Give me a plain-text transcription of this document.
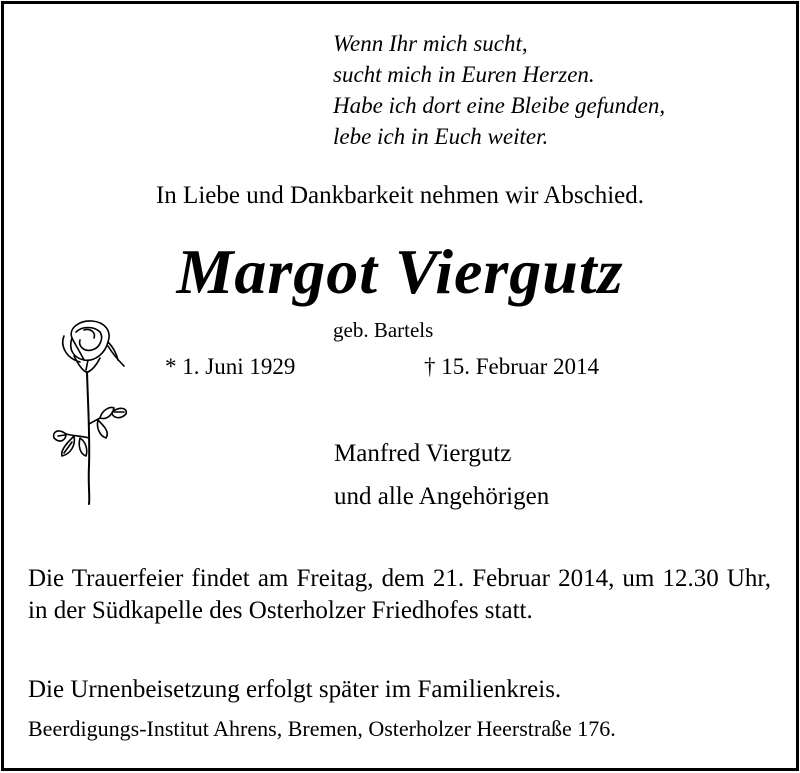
Wenn Ihr mich sucht,
sucht mich in Euren Herzen.
Habe ich dort eine Bleibe gefunden,
lebe ich in Euch weiter.
In Liebe und Dankbarkeit nehmen wir Abschied.
Margot Viergutz
geb. Bartels
* 1. Juni 1929	† 15. Februar 2014
Manfred Viergutz
und alle Angehörigen
Die Trauerfeier findet am Freitag, dem 21. Februar 2014, um 12.30 Uhr, in der Südkapelle des Osterholzer Friedhofes statt.
Die Urnenbeisetzung erfolgt später im Familienkreis.
Beerdigungs-Institut Ahrens, Bremen, Osterholzer Heerstraße 176.
